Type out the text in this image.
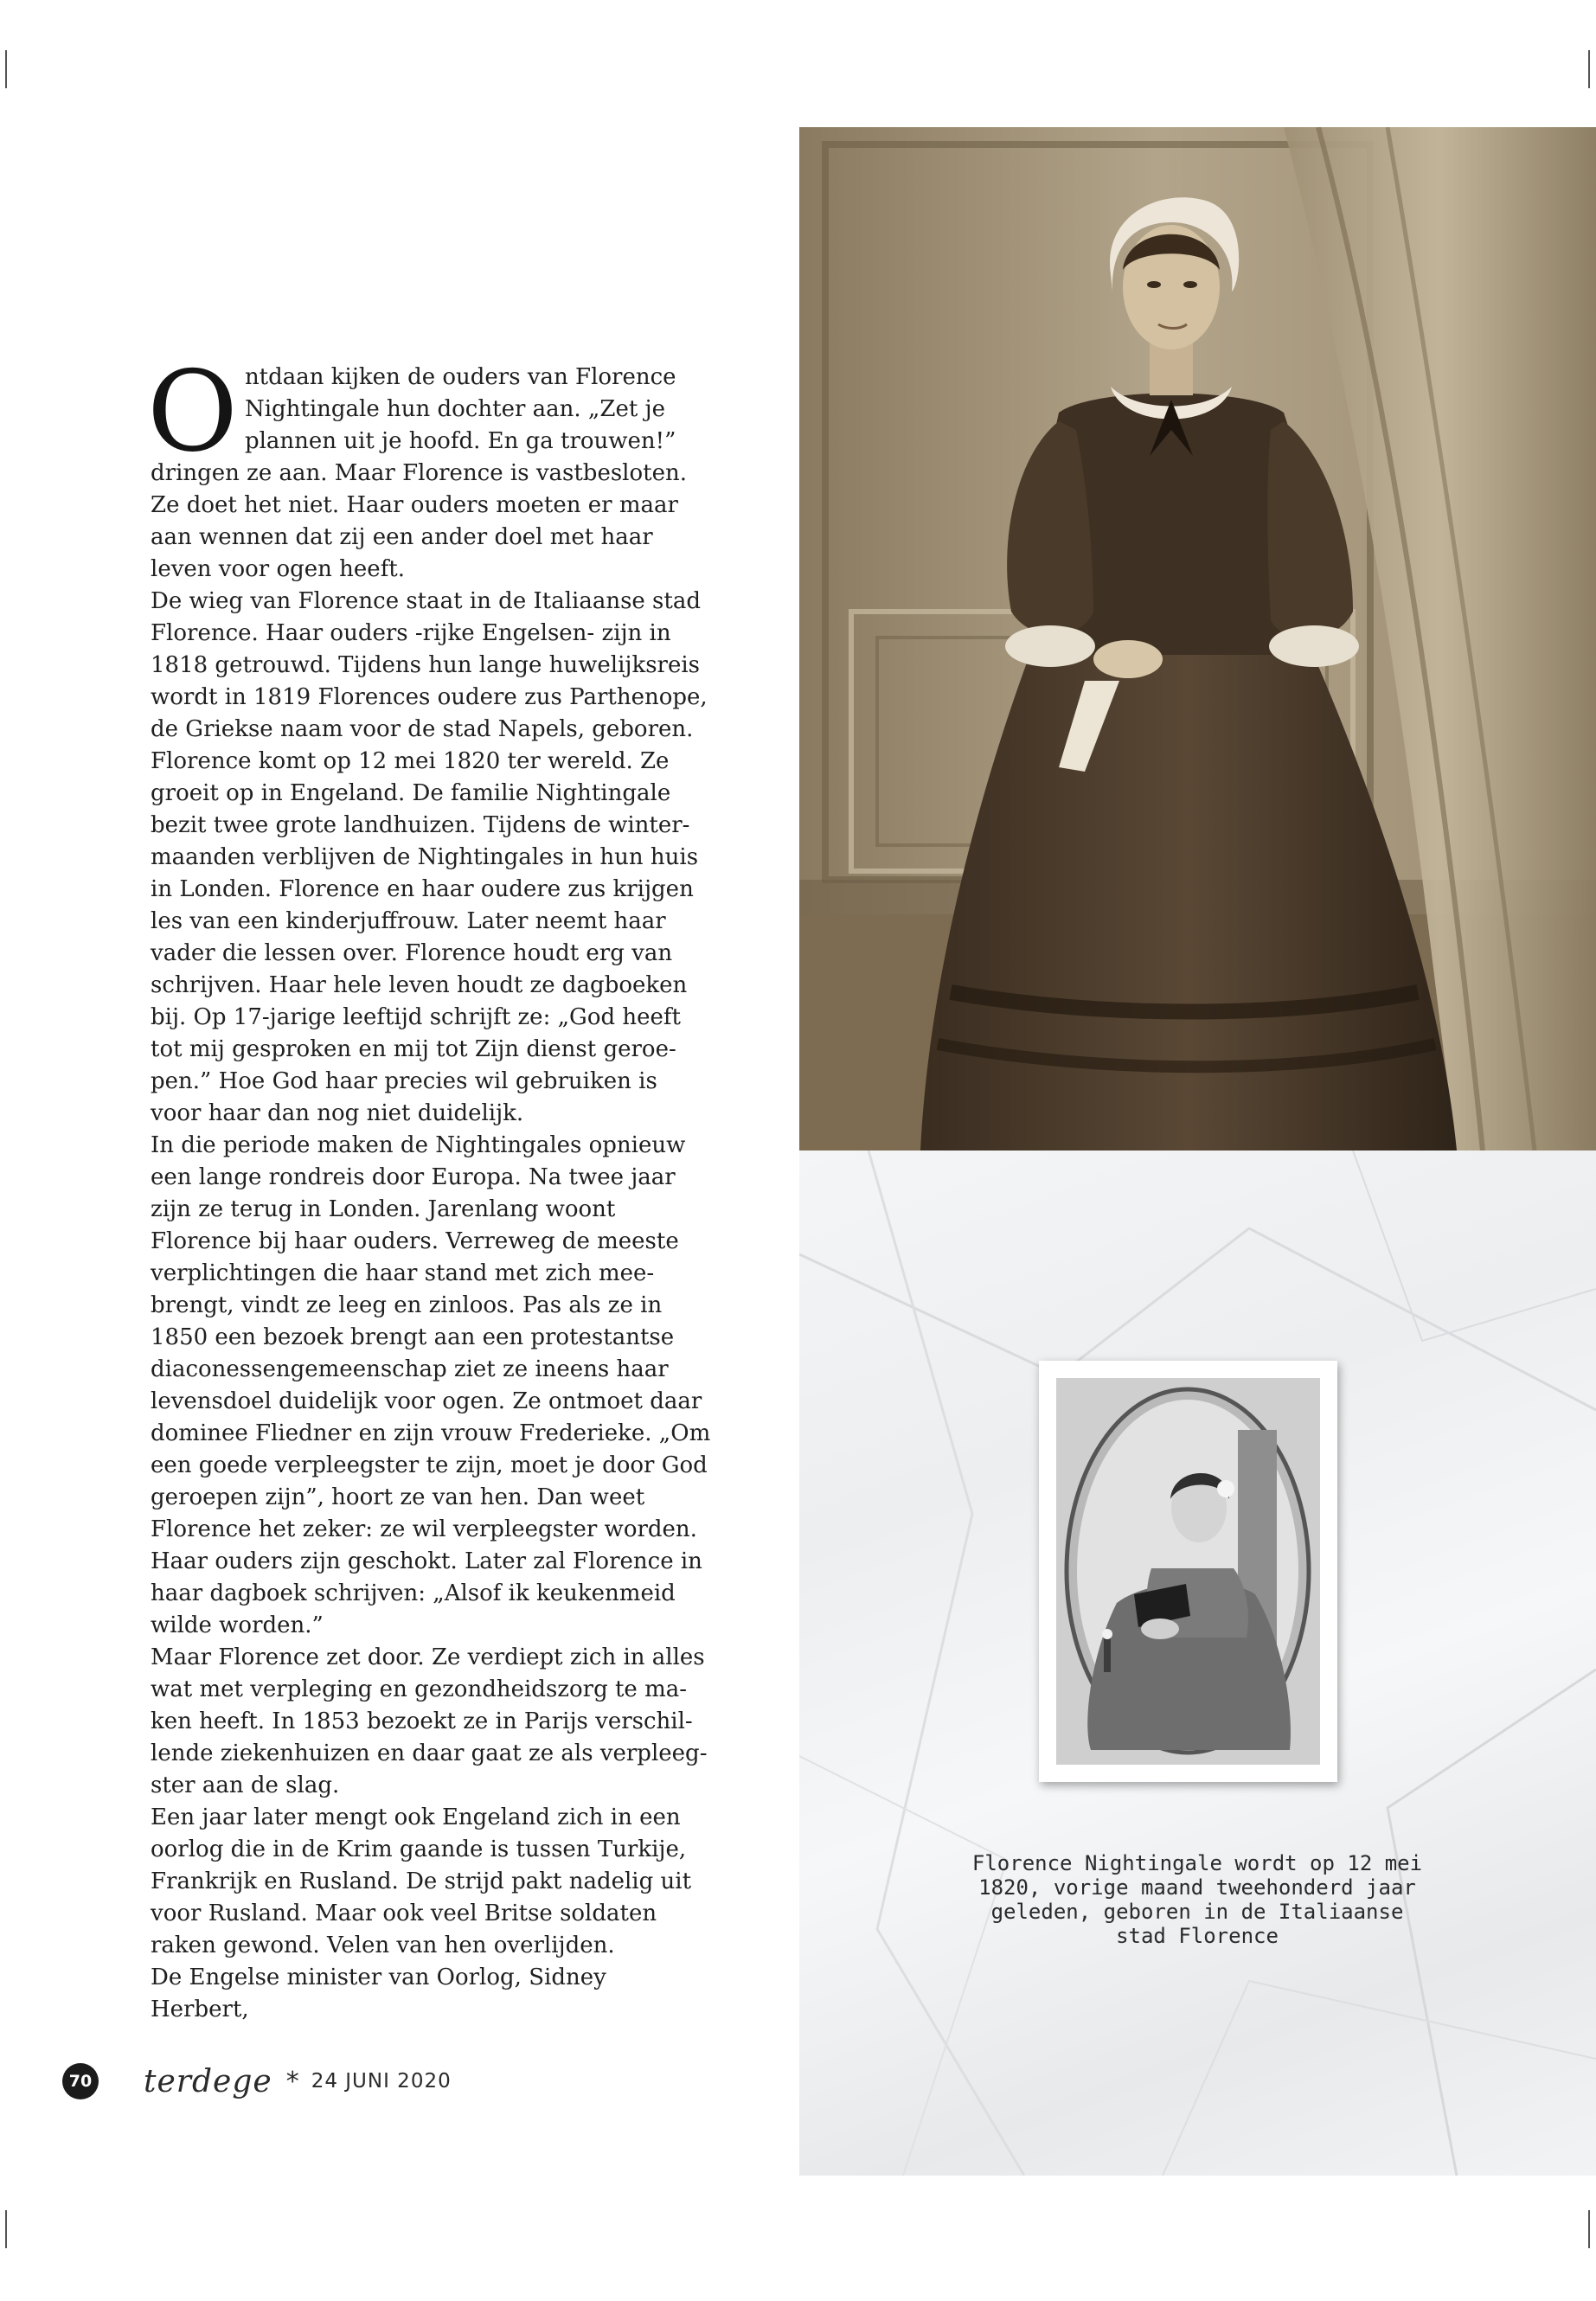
Ontdaan kijken de ouders van Florence Nightingale hun dochter aan. „Zet je plannen uit je hoofd. En ga trouwen!” dringen ze aan. Maar Florence is vastbesloten. Ze doet het niet. Haar ouders moeten er maar aan wennen dat zij een ander doel met haar leven voor ogen heeft.

De wieg van Florence staat in de Italiaanse stad Florence. Haar ouders -rijke Engelsen- zijn in 1818 getrouwd. Tijdens hun lange huwelijksreis wordt in 1819 Florences oudere zus Parthenope, de Griekse naam voor de stad Napels, geboren. Florence komt op 12 mei 1820 ter wereld. Ze groeit op in Engeland. De familie Nightingale bezit twee grote landhuizen. Tijdens de wintermaanden verblijven de Nightingales in hun huis in Londen. Florence en haar oudere zus krijgen les van een kinderjuffrouw. Later neemt haar vader die lessen over. Florence houdt erg van schrijven. Haar hele leven houdt ze dagboeken bij. Op 17-jarige leeftijd schrijft ze: „God heeft tot mij gesproken en mij tot Zijn dienst geroepen.” Hoe God haar precies wil gebruiken is voor haar dan nog niet duidelijk.

In die periode maken de Nightingales opnieuw een lange rondreis door Europa. Na twee jaar zijn ze terug in Londen. Jarenlang woont Florence bij haar ouders. Verreweg de meeste verplichtingen die haar stand met zich meebrengt, vindt ze leeg en zinloos. Pas als ze in 1850 een bezoek brengt aan een protestantse diaconessengemeenschap ziet ze ineens haar levensdoel duidelijk voor ogen. Ze ontmoet daar dominee Fliedner en zijn vrouw Frederieke. „Om een goede verpleegster te zijn, moet je door God geroepen zijn”, hoort ze van hen. Dan weet Florence het zeker: ze wil verpleegster worden. Haar ouders zijn geschokt. Later zal Florence in haar dagboek schrijven: „Alsof ik keukenmeid wilde worden.”

Maar Florence zet door. Ze verdiept zich in alles wat met verpleging en gezondheidszorg te maken heeft. In 1853 bezoekt ze in Parijs verschillende ziekenhuizen en daar gaat ze als verpleegster aan de slag.

Een jaar later mengt ook Engeland zich in een oorlog die in de Krim gaande is tussen Turkije, Frankrijk en Rusland. De strijd pakt nadelig uit voor Rusland. Maar ook veel Britse soldaten raken gewond. Velen van hen overlijden.

De Engelse minister van Oorlog, Sidney Herbert,

70 terdege * 24 JUNI 2020

Florence Nightingale wordt op 12 mei

1820, vorige maand tweehonderd jaar

geleden, geboren in de Italiaanse

stad Florence
